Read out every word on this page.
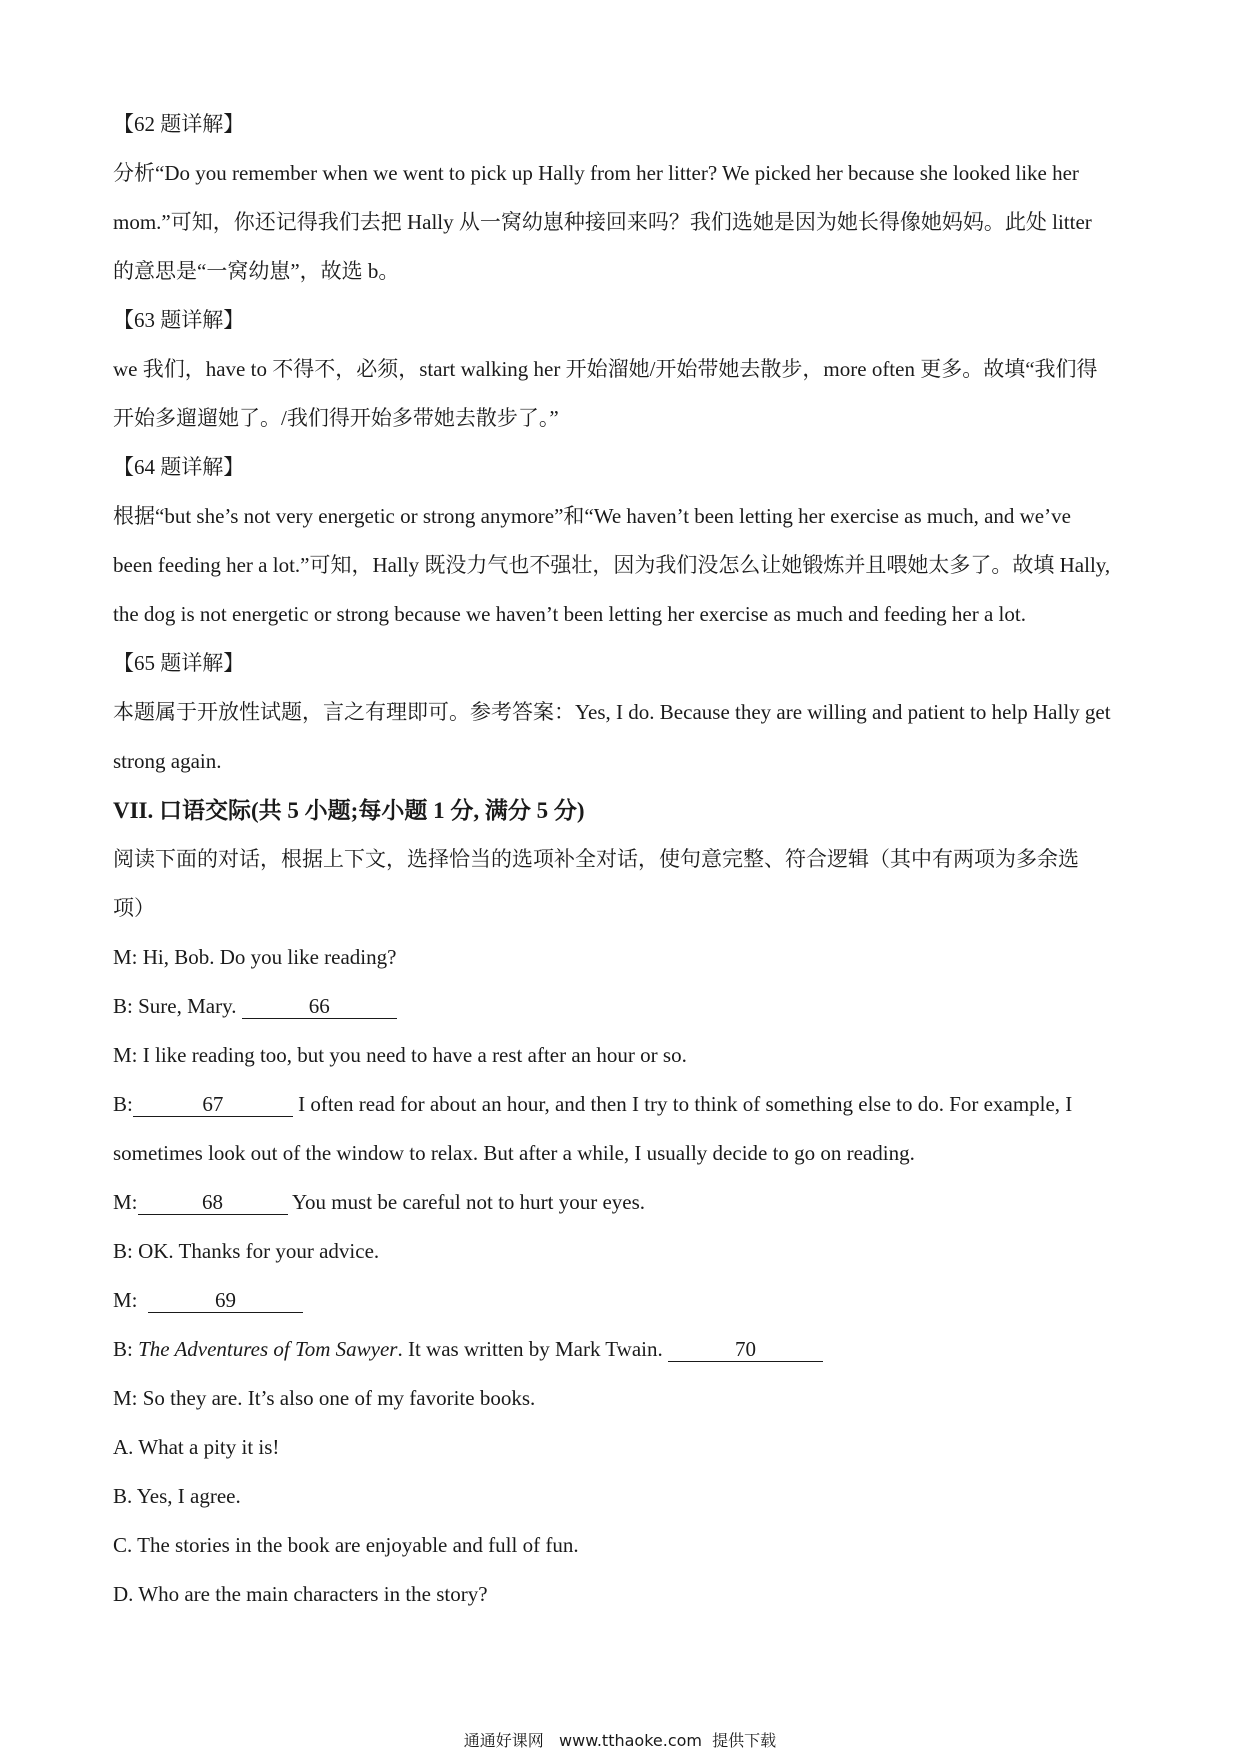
【62 题详解】
分析“Do you remember when we went to pick up Hally from her litter? We picked her because she looked like her
mom.”可知，你还记得我们去把 Hally 从一窝幼崽种接回来吗？我们选她是因为她长得像她妈妈。此处 litter
的意思是“一窝幼崽”，故选 b。
【63 题详解】
we 我们，have to 不得不，必须，start walking her 开始溜她/开始带她去散步，more often 更多。故填“我们得
开始多遛遛她了。/我们得开始多带她去散步了。”
【64 题详解】
根据“but she’s not very energetic or strong anymore”和“We haven’t been letting her exercise as much, and we’ve
been feeding her a lot.”可知，Hally 既没力气也不强壮，因为我们没怎么让她锻炼并且喂她太多了。故填 Hally,
the dog is not energetic or strong because we haven’t been letting her exercise as much and feeding her a lot.
【65 题详解】
本题属于开放性试题，言之有理即可。参考答案：Yes, I do. Because they are willing and patient to help Hally get
strong again.
VII. 口语交际(共 5 小题;每小题 1 分, 满分 5 分)
阅读下面的对话，根据上下文，选择恰当的选项补全对话，使句意完整、符合逻辑（其中有两项为多余选
项）
M: Hi, Bob. Do you like reading?
B: Sure, Mary.	66
M: I like reading too, but you need to have a rest after an hour or so.
B:	67	I often read for about an hour, and then I try to think of something else to do. For example, I
sometimes look out of the window to relax. But after a while, I usually decide to go on reading.
M:	68	You must be careful not to hurt your eyes.
B: OK. Thanks for your advice.
M:	69
B: The Adventures of Tom Sawyer. It was written by Mark Twain.	70
M: So they are. It’s also one of my favorite books.
A. What a pity it is!
B. Yes, I agree.
C. The stories in the book are enjoyable and full of fun.
D. Who are the main characters in the story?
通通好课网   www.tthaoke.com  提供下载
